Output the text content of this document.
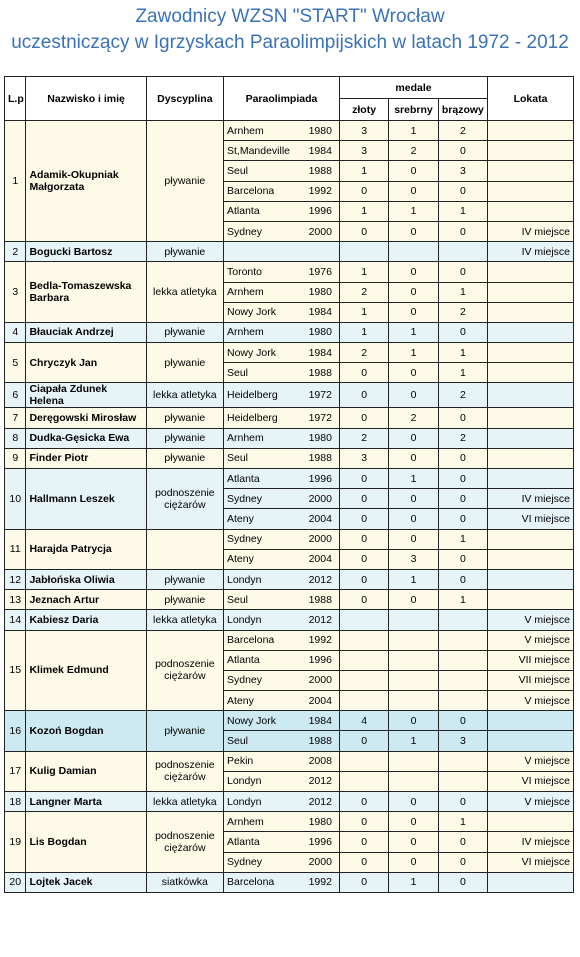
Zawodnicy WZSN "START" Wrocław
uczestniczący w Igrzyskach Paraolimpijskich w latach 1972 - 2012
L.p	Nazwisko i imię	Dyscyplina	Paraolimpiada	medale			Lokata
				złoty	srebrny	brązowy	
1	Adamik-Okupniak Małgorzata	pływanie	Arnhem 1980	3	1	2	
			St,Mandeville 1984	3	2	0	
			Seul 1988	1	0	3	
			Barcelona 1992	0	0	0	
			Atlanta 1996	1	1	1	
			Sydney 2000	0	0	0	IV miejsce
2	Bogucki Bartosz	pływanie					IV miejsce
3	Bedla-Tomaszewska Barbara	lekka atletyka	Toronto 1976	1	0	0	
			Arnhem 1980	2	0	1	
			Nowy Jork 1984	1	0	2	
4	Błauciak Andrzej	pływanie	Arnhem 1980	1	1	0	
5	Chryczyk Jan	pływanie	Nowy Jork 1984	2	1	1	
			Seul 1988	0	0	1	
6	Ciapała Zdunek Helena	lekka atletyka	Heidelberg 1972	0	0	2	
7	Deręgowski Mirosław	pływanie	Heidelberg 1972	0	2	0	
8	Dudka-Gęsicka Ewa	pływanie	Arnhem 1980	2	0	2	
9	Finder Piotr	pływanie	Seul 1988	3	0	0	
10	Hallmann Leszek	podnoszenie ciężarów	Atlanta 1996	0	1	0	
			Sydney 2000	0	0	0	IV miejsce
			Ateny 2004	0	0	0	VI miejsce
11	Harajda Patrycja		Sydney 2000	0	0	1	
			Ateny 2004	0	3	0	
12	Jabłońska Oliwia	pływanie	Londyn 2012	0	1	0	
13	Jeznach Artur	pływanie	Seul 1988	0	0	1	
14	Kabiesz Daria	lekka atletyka	Londyn 2012				V miejsce
15	Klimek Edmund	podnoszenie ciężarów	Barcelona 1992				V miejsce
			Atlanta 1996				VII miejsce
			Sydney 2000				VII miejsce
			Ateny 2004				V miejsce
16	Kozoń Bogdan	pływanie	Nowy Jork 1984	4	0	0	
			Seul 1988	0	1	3	
17	Kulig Damian	podnoszenie ciężarów	Pekin 2008				V miejsce
			Londyn 2012				VI miejsce
18	Langner Marta	lekka atletyka	Londyn 2012	0	0	0	V miejsce
19	Lis Bogdan	podnoszenie ciężarów	Arnhem 1980	0	0	1	
			Atlanta 1996	0	0	0	IV miejsce
			Sydney 2000	0	0	0	VI miejsce
20	Lojtek Jacek	siatkówka	Barcelona 1992	0	1	0	
